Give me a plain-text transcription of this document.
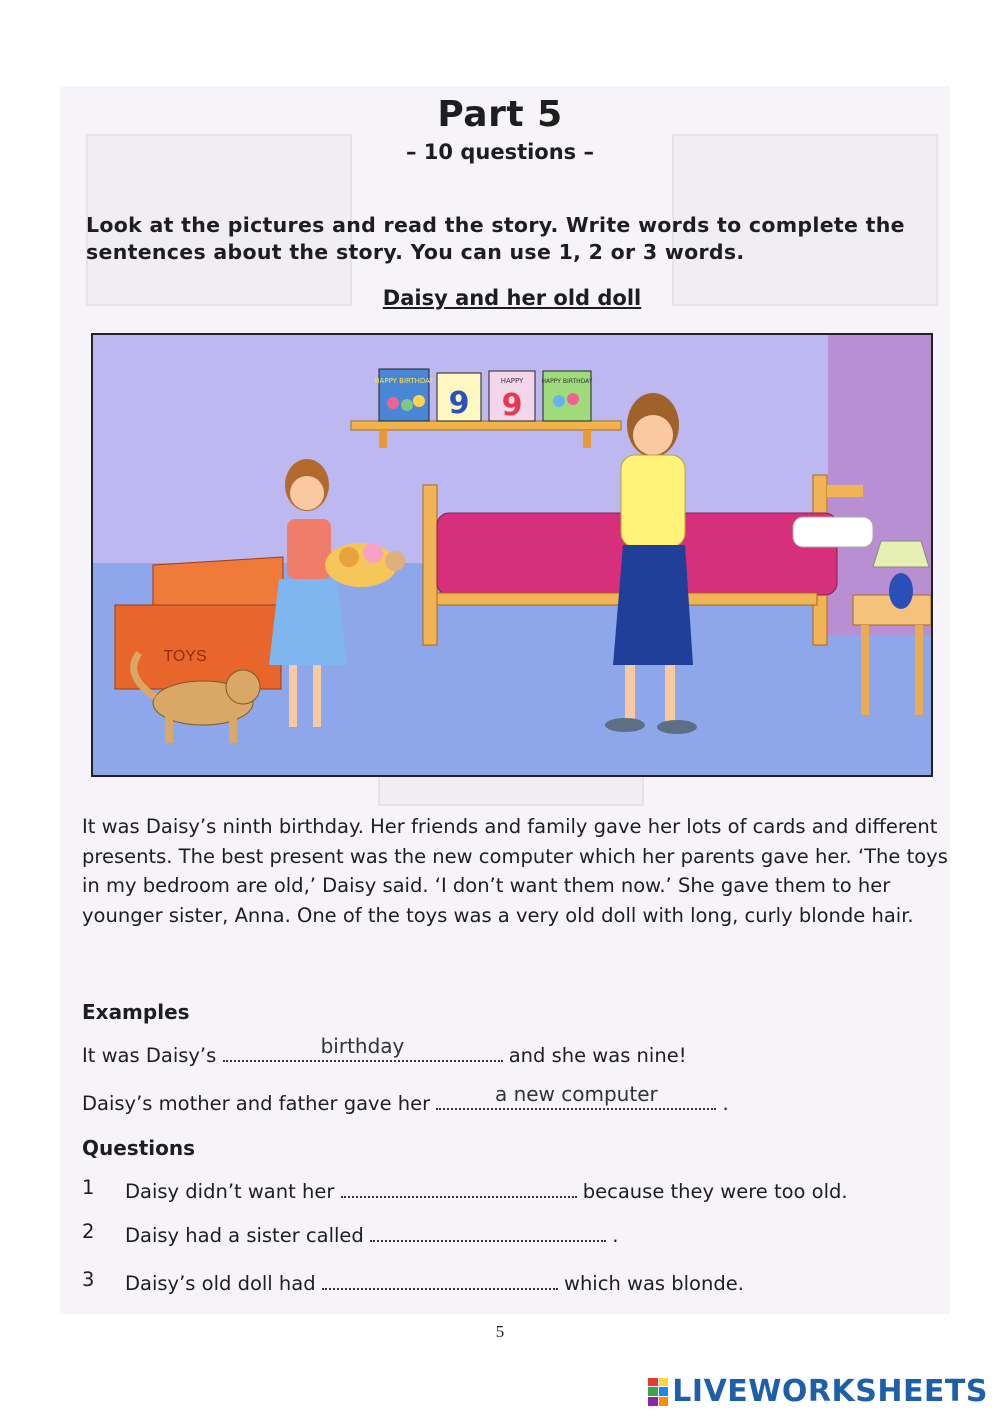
Part 5
– 10 questions –
Look at the pictures and read the story. Write words to complete the sentences about the story. You can use 1, 2 or 3 words.
Daisy and her old doll
HAPPY BIRTHDAY
9
HAPPY
9
HAPPY BIRTHDAY
TOYS
It was Daisy’s ninth birthday. Her friends and family gave her lots of cards and different presents. The best present was the new computer which her parents gave her. ‘The toys in my bedroom are old,’ Daisy said. ‘I don’t want them now.’ She gave them to her younger sister, Anna. One of the toys was a very old doll with long, curly blonde hair.
Examples
It was Daisy’s	birthday	and she was nine!
Daisy’s mother and father gave her	a new computer	.
Questions
1 Daisy didn’t want her	because they were too old.
2 Daisy had a sister called	.
3 Daisy’s old doll had	which was blonde.
5
LIVEWORKSHEETS
